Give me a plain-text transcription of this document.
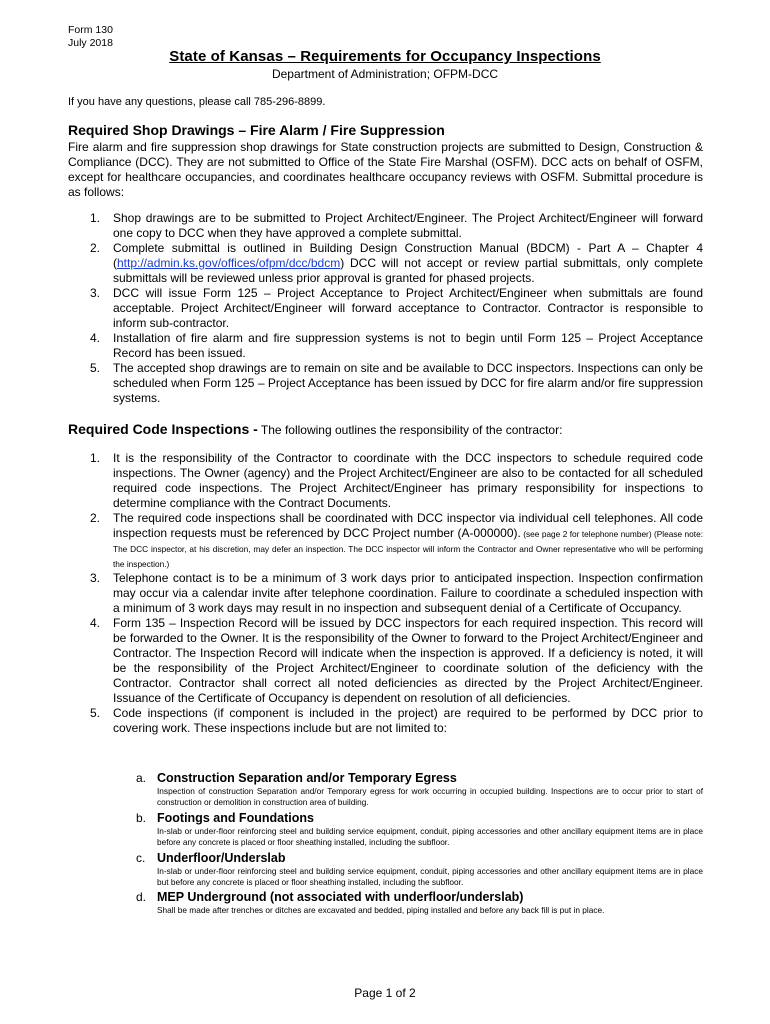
Form 130
July 2018
State of Kansas – Requirements for Occupancy Inspections
Department of Administration; OFPM-DCC
If you have any questions, please call 785-296-8899.
Required Shop Drawings – Fire Alarm / Fire Suppression
Fire alarm and fire suppression shop drawings for State construction projects are submitted to Design, Construction & Compliance (DCC). They are not submitted to Office of the State Fire Marshal (OSFM). DCC acts on behalf of OSFM, except for healthcare occupancies, and coordinates healthcare occupancy reviews with OSFM. Submittal procedure is as follows:
1. Shop drawings are to be submitted to Project Architect/Engineer. The Project Architect/Engineer will forward one copy to DCC when they have approved a complete submittal.
2. Complete submittal is outlined in Building Design Construction Manual (BDCM) - Part A – Chapter 4 (http://admin.ks.gov/offices/ofpm/dcc/bdcm) DCC will not accept or review partial submittals, only complete submittals will be reviewed unless prior approval is granted for phased projects.
3. DCC will issue Form 125 – Project Acceptance to Project Architect/Engineer when submittals are found acceptable. Project Architect/Engineer will forward acceptance to Contractor. Contractor is responsible to inform sub-contractor.
4. Installation of fire alarm and fire suppression systems is not to begin until Form 125 – Project Acceptance Record has been issued.
5. The accepted shop drawings are to remain on site and be available to DCC inspectors. Inspections can only be scheduled when Form 125 – Project Acceptance has been issued by DCC for fire alarm and/or fire suppression systems.
Required Code Inspections - The following outlines the responsibility of the contractor:
1. It is the responsibility of the Contractor to coordinate with the DCC inspectors to schedule required code inspections. The Owner (agency) and the Project Architect/Engineer are also to be contacted for all scheduled required code inspections. The Project Architect/Engineer has primary responsibility for inspections to determine compliance with the Contract Documents.
2. The required code inspections shall be coordinated with DCC inspector via individual cell telephones. All code inspection requests must be referenced by DCC Project number (A-000000). (see page 2 for telephone number) (Please note: The DCC inspector, at his discretion, may defer an inspection. The DCC inspector will inform the Contractor and Owner representative who will be performing the inspection.)
3. Telephone contact is to be a minimum of 3 work days prior to anticipated inspection. Inspection confirmation may occur via a calendar invite after telephone coordination. Failure to coordinate a scheduled inspection with a minimum of 3 work days may result in no inspection and subsequent denial of a Certificate of Occupancy.
4. Form 135 – Inspection Record will be issued by DCC inspectors for each required inspection. This record will be forwarded to the Owner. It is the responsibility of the Owner to forward to the Project Architect/Engineer and Contractor. The Inspection Record will indicate when the inspection is approved. If a deficiency is noted, it will be the responsibility of the Project Architect/Engineer to coordinate solution of the deficiency with the Contractor. Contractor shall correct all noted deficiencies as directed by the Project Architect/Engineer. Issuance of the Certificate of Occupancy is dependent on resolution of all deficiencies.
5. Code inspections (if component is included in the project) are required to be performed by DCC prior to covering work. These inspections include but are not limited to:
a. Construction Separation and/or Temporary Egress
Inspection of construction Separation and/or Temporary egress for work occurring in occupied building. Inspections are to occur prior to start of construction or demolition in construction area of building.
b. Footings and Foundations
In-slab or under-floor reinforcing steel and building service equipment, conduit, piping accessories and other ancillary equipment items are in place before any concrete is placed or floor sheathing installed, including the subfloor.
c. Underfloor/Underslab
In-slab or under-floor reinforcing steel and building service equipment, conduit, piping accessories and other ancillary equipment items are in place but before any concrete is placed or floor sheathing installed, including the subfloor.
d. MEP Underground (not associated with underfloor/underslab)
Shall be made after trenches or ditches are excavated and bedded, piping installed and before any back fill is put in place.
Page 1 of 2
